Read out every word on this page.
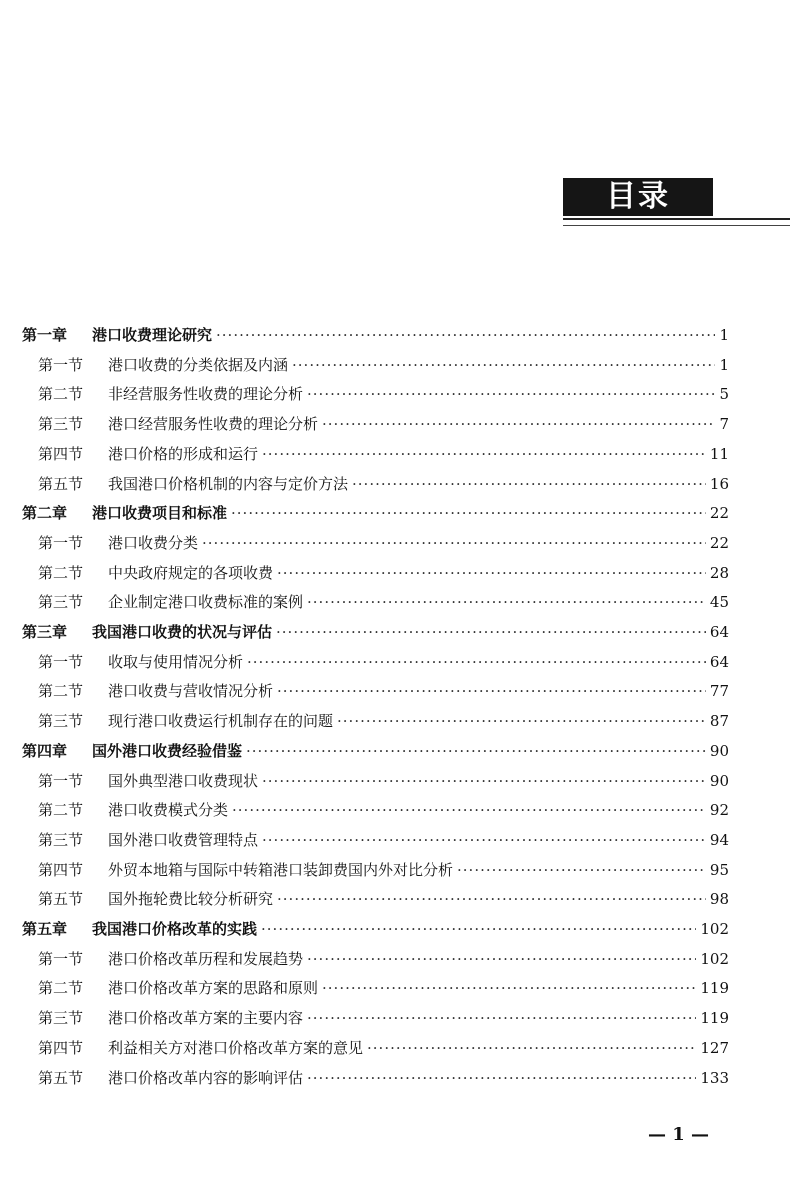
目录
第一章	港口收费理论研究 ·····	1
第一节	港口收费的分类依据及内涵 ·····	1
第二节	非经营服务性收费的理论分析 ·····	5
第三节	港口经营服务性收费的理论分析 ·····	7
第四节	港口价格的形成和运行 ·····	11
第五节	我国港口价格机制的内容与定价方法 ·····	16
第二章	港口收费项目和标准 ·····	22
第一节	港口收费分类 ·····	22
第二节	中央政府规定的各项收费 ·····	28
第三节	企业制定港口收费标准的案例 ·····	45
第三章	我国港口收费的状况与评估 ·····	64
第一节	收取与使用情况分析 ·····	64
第二节	港口收费与营收情况分析 ·····	77
第三节	现行港口收费运行机制存在的问题 ·····	87
第四章	国外港口收费经验借鉴 ·····	90
第一节	国外典型港口收费现状 ·····	90
第二节	港口收费模式分类 ·····	92
第三节	国外港口收费管理特点 ·····	94
第四节	外贸本地箱与国际中转箱港口装卸费国内外对比分析 ·····	95
第五节	国外拖轮费比较分析研究 ·····	98
第五章	我国港口价格改革的实践 ·····	102
第一节	港口价格改革历程和发展趋势 ·····	102
第二节	港口价格改革方案的思路和原则 ·····	119
第三节	港口价格改革方案的主要内容 ·····	119
第四节	利益相关方对港口价格改革方案的意见 ·····	127
第五节	港口价格改革内容的影响评估 ·····	133
— 1 —
